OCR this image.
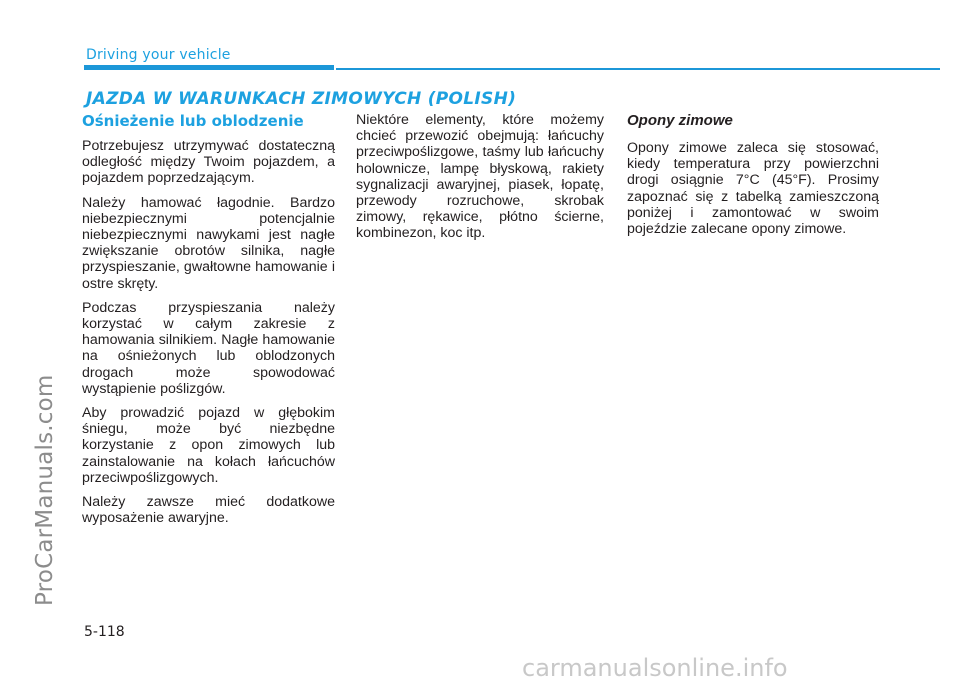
Driving your vehicle
JAZDA W WARUNKACH ZIMOWYCH (POLISH)
Ośnieżenie lub oblodzenie

Potrzebujesz utrzymywać dostateczną odległość między Twoim pojazdem, a pojazdem poprzedzającym.

Należy hamować łagodnie. Bardzo niebezpiecznymi potencjalnie niebezpiecznymi nawykami jest nagłe zwiększanie obrotów silnika, nagłe przyspieszanie, gwałtowne hamowanie i ostre skręty.

Podczas przyspieszania należy korzystać w całym zakresie z hamowania silnikiem. Nagłe hamowanie na ośnieżonych lub oblodzonych drogach może spowodować wystąpienie poślizgów.

Aby prowadzić pojazd w głębokim śniegu, może być niezbędne korzystanie z opon zimowych lub zainstalowanie na kołach łańcuchów przeciwpoślizgowych.

Należy zawsze mieć dodatkowe wyposażenie awaryjne.

Niektóre elementy, które możemy chcieć przewozić obejmują: łańcuchy przeciwpoślizgowe, taśmy lub łańcuchy holownicze, lampę błyskową, rakiety sygnalizacji awaryjnej, piasek, łopatę, przewody rozruchowe, skrobak zimowy, rękawice, płótno ścierne, kombinezon, koc itp.

Opony zimowe

Opony zimowe zaleca się stosować, kiedy temperatura przy powierzchni drogi osiągnie 7°C (45°F). Prosimy zapoznać się z tabelką zamieszczoną poniżej i zamontować w swoim pojeździe zalecane opony zimowe.

5-118
ProCarManuals.com
carmanualsonline.info
